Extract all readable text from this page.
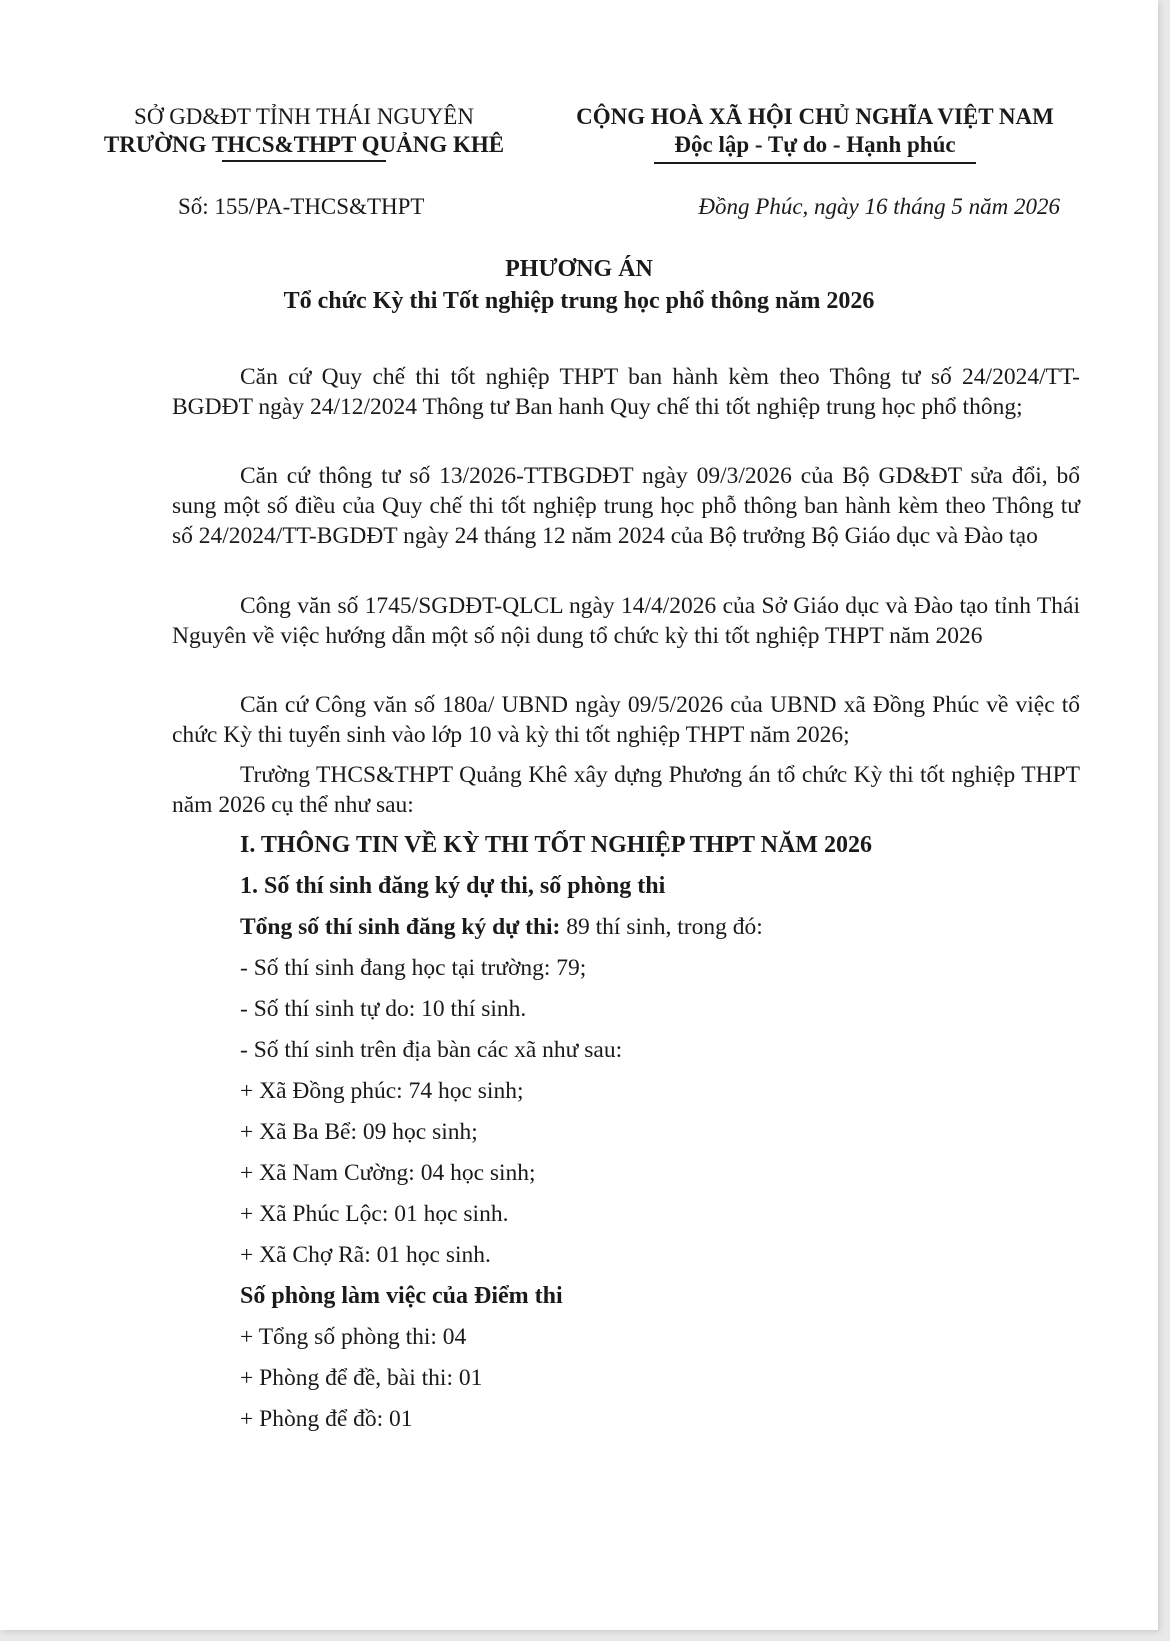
SỞ GD&ĐT TỈNH THÁI NGUYÊN
TRƯỜNG THCS&THPT QUẢNG KHÊ
CỘNG HOÀ XÃ HỘI CHỦ NGHĨA VIỆT NAM
Độc lập - Tự do - Hạnh phúc
Số: 155/PA-THCS&THPT	Đồng Phúc, ngày 16 tháng 5 năm 2026
PHƯƠNG ÁN
Tổ chức Kỳ thi Tốt nghiệp trung học phổ thông năm 2026
Căn cứ Quy chế thi tốt nghiệp THPT ban hành kèm theo Thông tư số 24/2024/TT-BGDĐT ngày 24/12/2024 Thông tư Ban hanh Quy chế thi tốt nghiệp trung học phổ thông;
Căn cứ thông tư số 13/2026-TTBGDĐT ngày 09/3/2026 của Bộ GD&ĐT sửa đổi, bổ sung một số điều của Quy chế thi tốt nghiệp trung học phỗ thông ban hành kèm theo Thông tư số 24/2024/TT-BGDĐT ngày 24 tháng 12 năm 2024 của Bộ trưởng Bộ Giáo dục và Đào tạo
Công văn số 1745/SGDĐT-QLCL ngày 14/4/2026 của Sở Giáo dục và Đào tạo tỉnh Thái Nguyên về việc hướng dẫn một số nội dung tổ chức kỳ thi tốt nghiệp THPT năm 2026
Căn cứ Công văn số 180a/ UBND ngày 09/5/2026 của UBND xã Đồng Phúc về việc tổ chức Kỳ thi tuyển sinh vào lớp 10 và kỳ thi tốt nghiệp THPT năm 2026;
Trường THCS&THPT Quảng Khê xây dựng Phương án tổ chức Kỳ thi tốt nghiệp THPT năm 2026 cụ thể như sau:
I. THÔNG TIN VỀ KỲ THI TỐT NGHIỆP THPT NĂM 2026
1. Số thí sinh đăng ký dự thi, số phòng thi
Tổng số thí sinh đăng ký dự thi: 89 thí sinh, trong đó:
- Số thí sinh đang học tại trường: 79;
- Số thí sinh tự do: 10 thí sinh.
- Số thí sinh trên địa bàn các xã như sau:
+ Xã Đồng phúc: 74 học sinh;
+ Xã Ba Bể: 09 học sinh;
+ Xã Nam Cường: 04 học sinh;
+ Xã Phúc Lộc: 01 học sinh.
+ Xã Chợ Rã: 01 học sinh.
Số phòng làm việc của Điểm thi
+ Tổng số phòng thi: 04
+ Phòng để đề, bài thi: 01
+ Phòng để đồ: 01
